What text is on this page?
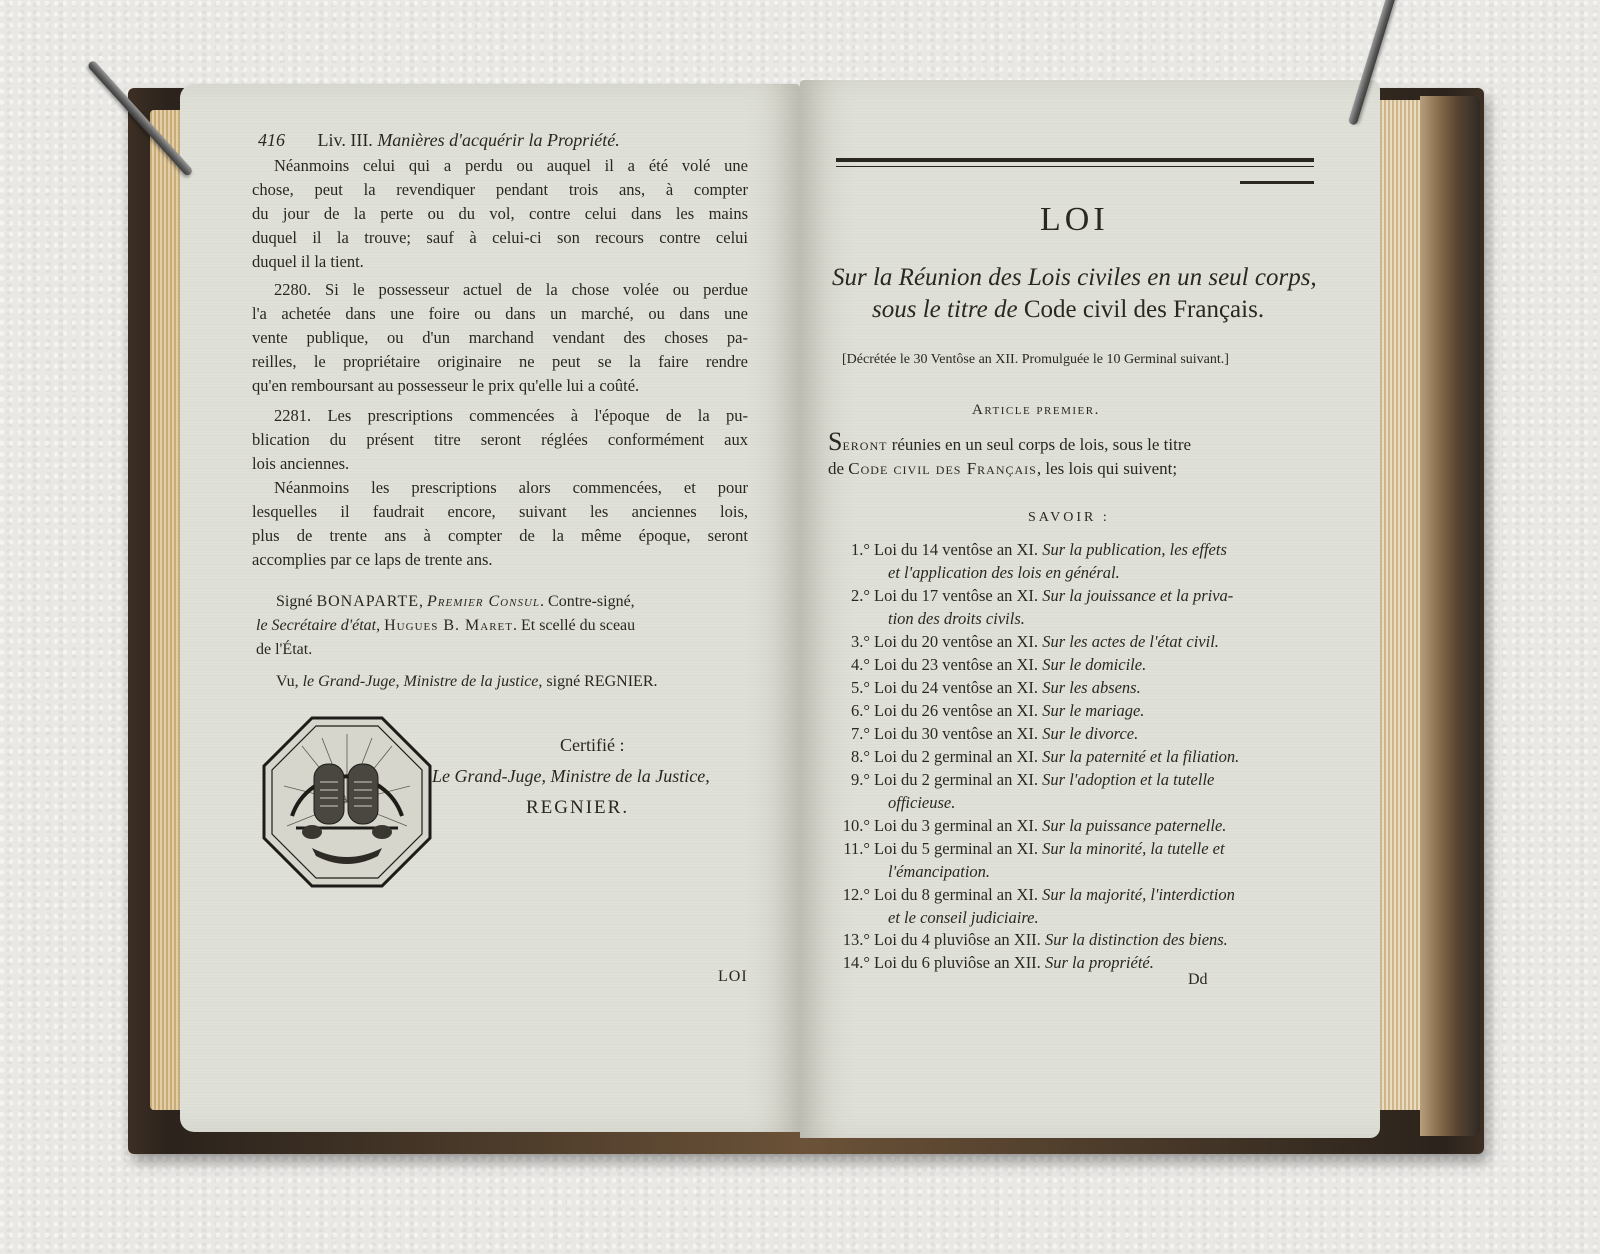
416 Liv. III. Manières d'acquérir la Propriété.
Néanmoins celui qui a perdu ou auquel il a été volé une
chose, peut la revendiquer pendant trois ans, à compter
du jour de la perte ou du vol, contre celui dans les mains
duquel il la trouve; sauf à celui-ci son recours contre celui
duquel il la tient.
2280. Si le possesseur actuel de la chose volée ou perdue
l'a achetée dans une foire ou dans un marché, ou dans une
vente publique, ou d'un marchand vendant des choses pa-
reilles, le propriétaire originaire ne peut se la faire rendre
qu'en remboursant au possesseur le prix qu'elle lui a coûté.
2281. Les prescriptions commencées à l'époque de la pu-
blication du présent titre seront réglées conformément aux
lois anciennes.
Néanmoins les prescriptions alors commencées, et pour
lesquelles il faudrait encore, suivant les anciennes lois,
plus de trente ans à compter de la même époque, seront
accomplies par ce laps de trente ans.
Signé BONAPARTE, Premier Consul. Contre-signé,
le Secrétaire d'état, Hugues B. Maret. Et scellé du sceau
de l'État.
Vu, le Grand-Juge, Ministre de la justice, signé REGNIER.
Certifié :
Le Grand-Juge, Ministre de la Justice,
REGNIER.
LOI
LOI
Sur la Réunion des Lois civiles en un seul corps,
sous le titre de Code civil des Français.
[Décrétée le 30 Ventôse an XII. Promulguée le 10 Germinal suivant.]
Article premier.
Seront réunies en un seul corps de lois, sous le titre
de Code civil des Français, les lois qui suivent;
SAVOIR :
1.° Loi du 14 ventôse an XI. Sur la publication, les effets
et l'application des lois en général.
2.° Loi du 17 ventôse an XI. Sur la jouissance et la priva-
tion des droits civils.
3.° Loi du 20 ventôse an XI. Sur les actes de l'état civil.
4.° Loi du 23 ventôse an XI. Sur le domicile.
5.° Loi du 24 ventôse an XI. Sur les absens.
6.° Loi du 26 ventôse an XI. Sur le mariage.
7.° Loi du 30 ventôse an XI. Sur le divorce.
8.° Loi du 2 germinal an XI. Sur la paternité et la filiation.
9.° Loi du 2 germinal an XI. Sur l'adoption et la tutelle
officieuse.
10.° Loi du 3 germinal an XI. Sur la puissance paternelle.
11.° Loi du 5 germinal an XI. Sur la minorité, la tutelle et
l'émancipation.
12.° Loi du 8 germinal an XI. Sur la majorité, l'interdiction
et le conseil judiciaire.
13.° Loi du 4 pluviôse an XII. Sur la distinction des biens.
14.° Loi du 6 pluviôse an XII. Sur la propriété.
Dd
